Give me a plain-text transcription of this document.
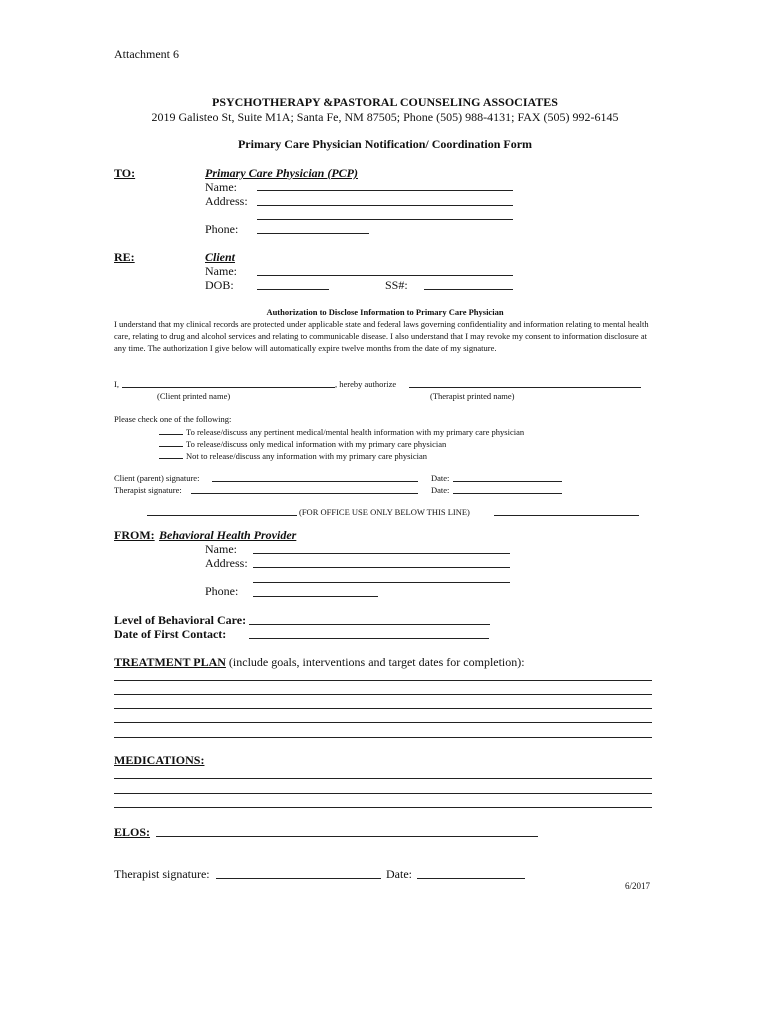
Attachment 6
PSYCHOTHERAPY &PASTORAL COUNSELING ASSOCIATES
2019 Galisteo St, Suite M1A; Santa Fe, NM 87505; Phone (505) 988-4131; FAX (505) 992-6145
Primary Care Physician Notification/ Coordination Form
TO:	Primary Care Physician (PCP)
Name:
Address:
Phone:
RE:	Client
Name:
DOB:	SS#:
Authorization to Disclose Information to Primary Care Physician
I understand that my clinical records are protected under applicable state and federal laws governing confidentiality and information relating to mental health care, relating to drug and alcohol services and relating to communicable disease. I also understand that I may revoke my consent to information disclosure at any time. The authorization I give below will automatically expire twelve months from the date of my signature.
I,	, hereby authorize
(Client printed name)	(Therapist printed name)
Please check one of the following:
To release/discuss any pertinent medical/mental health information with my primary care physician
To release/discuss only medical information with my primary care physician
Not to release/discuss any information with my primary care physician
Client (parent) signature:	Date:
Therapist signature:	Date:
(FOR OFFICE USE ONLY BELOW THIS LINE)
FROM: Behavioral Health Provider
Name:
Address:
Phone:
Level of Behavioral Care:
Date of First Contact:
TREATMENT PLAN (include goals, interventions and target dates for completion):
MEDICATIONS:
ELOS:
Therapist signature:	Date:
6/2017
